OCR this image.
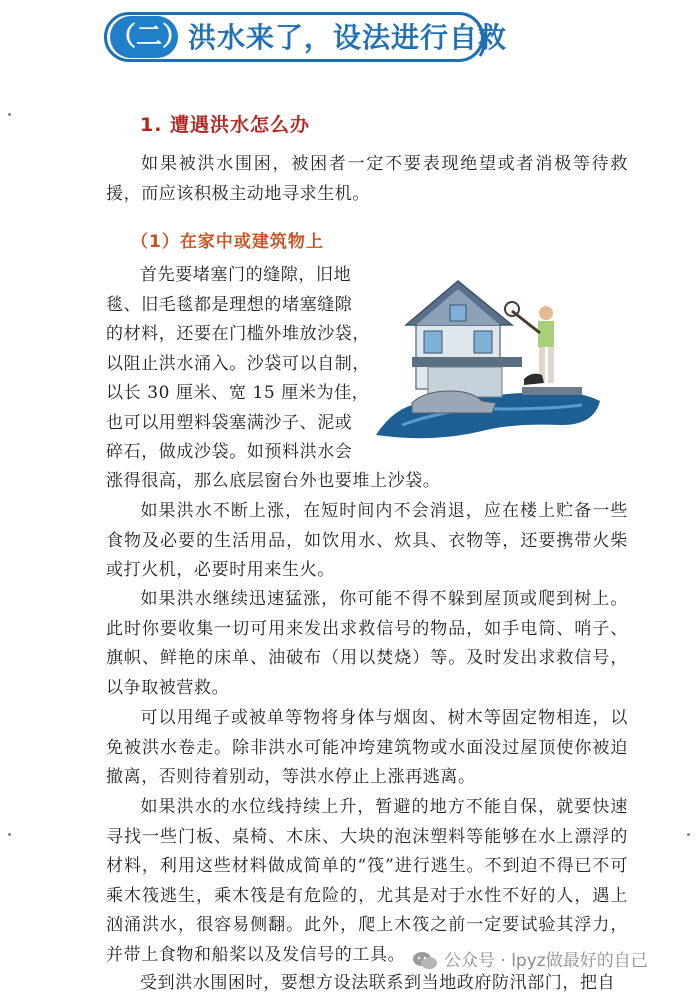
（二） 洪水来了，设法进行自救
1. 遭遇洪水怎么办

如果被洪水围困，被困者一定不要表现绝望或者消极等待救援，而应该积极主动地寻求生机。

（1）在家中或建筑物上
首先要堵塞门的缝隙，旧地
毯、旧毛毯都是理想的堵塞缝隙
的材料，还要在门槛外堆放沙袋，
以阻止洪水涌入。沙袋可以自制，
以长 30 厘米、宽 15 厘米为佳，
也可以用塑料袋塞满沙子、泥或
碎石，做成沙袋。如预料洪水会
涨得很高，那么底层窗台外也要堆上沙袋。

如果洪水不断上涨，在短时间内不会消退，应在楼上贮备一些食物及必要的生活用品，如饮用水、炊具、衣物等，还要携带火柴或打火机，必要时用来生火。

如果洪水继续迅速猛涨，你可能不得不躲到屋顶或爬到树上。此时你要收集一切可用来发出求救信号的物品，如手电筒、哨子、旗帜、鲜艳的床单、油破布（用以焚烧）等。及时发出求救信号，以争取被营救。

可以用绳子或被单等物将身体与烟囱、树木等固定物相连，以免被洪水卷走。除非洪水可能冲垮建筑物或水面没过屋顶使你被迫撤离，否则待着别动，等洪水停止上涨再逃离。

如果洪水的水位线持续上升，暂避的地方不能自保，就要快速寻找一些门板、桌椅、木床、大块的泡沫塑料等能够在水上漂浮的材料，利用这些材料做成简单的“筏”进行逃生。不到迫不得已不可乘木筏逃生，乘木筏是有危险的，尤其是对于水性不好的人，遇上汹涌洪水，很容易侧翻。此外，爬上木筏之前一定要试验其浮力，并带上食物和船桨以及发信号的工具。

受到洪水围困时，要想方设法联系到当地政府防汛部门，把自

公众号 · lpyz做最好的自己
